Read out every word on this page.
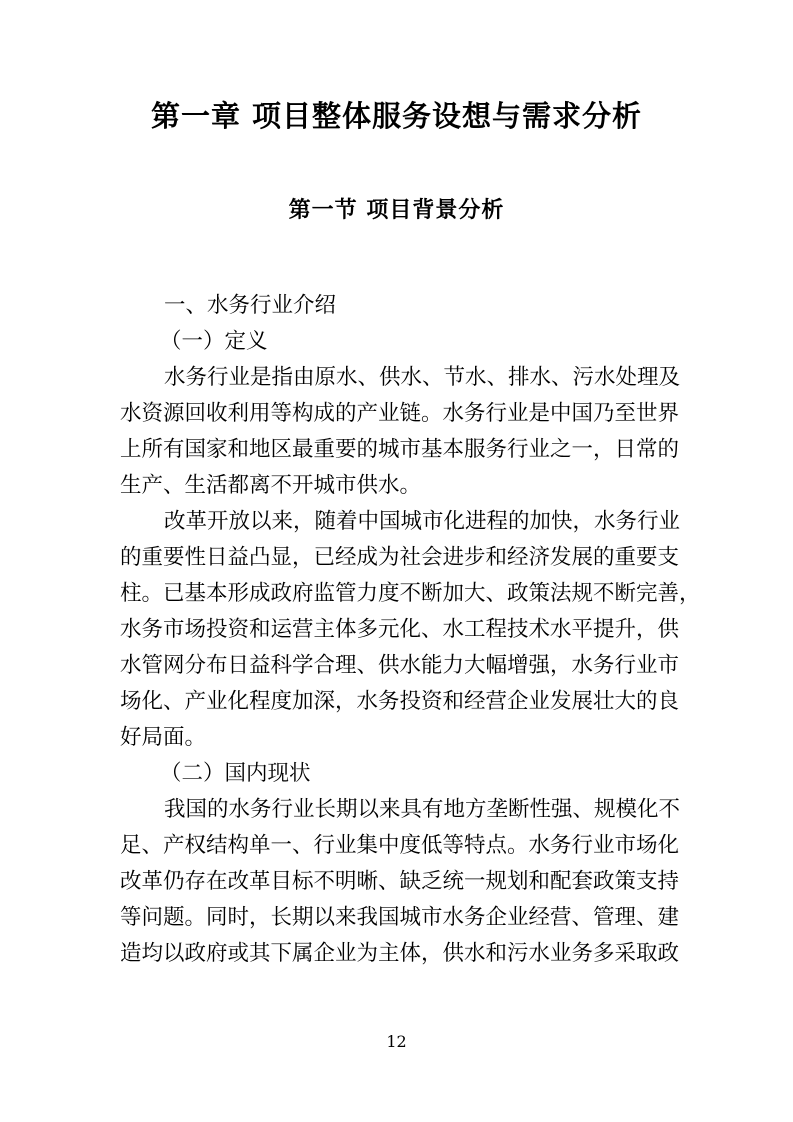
第一章 项目整体服务设想与需求分析
第一节 项目背景分析
一、水务行业介绍
（一）定义
水务行业是指由原水、供水、节水、排水、污水处理及
水资源回收利用等构成的产业链。水务行业是中国乃至世界
上所有国家和地区最重要的城市基本服务行业之一，日常的
生产、生活都离不开城市供水。
改革开放以来，随着中国城市化进程的加快，水务行业
的重要性日益凸显，已经成为社会进步和经济发展的重要支
柱。已基本形成政府监管力度不断加大、政策法规不断完善，
水务市场投资和运营主体多元化、水工程技术水平提升，供
水管网分布日益科学合理、供水能力大幅增强，水务行业市
场化、产业化程度加深，水务投资和经营企业发展壮大的良
好局面。
（二）国内现状
我国的水务行业长期以来具有地方垄断性强、规模化不
足、产权结构单一、行业集中度低等特点。水务行业市场化
改革仍存在改革目标不明晰、缺乏统一规划和配套政策支持
等问题。同时，长期以来我国城市水务企业经营、管理、建
造均以政府或其下属企业为主体，供水和污水业务多采取政
12
